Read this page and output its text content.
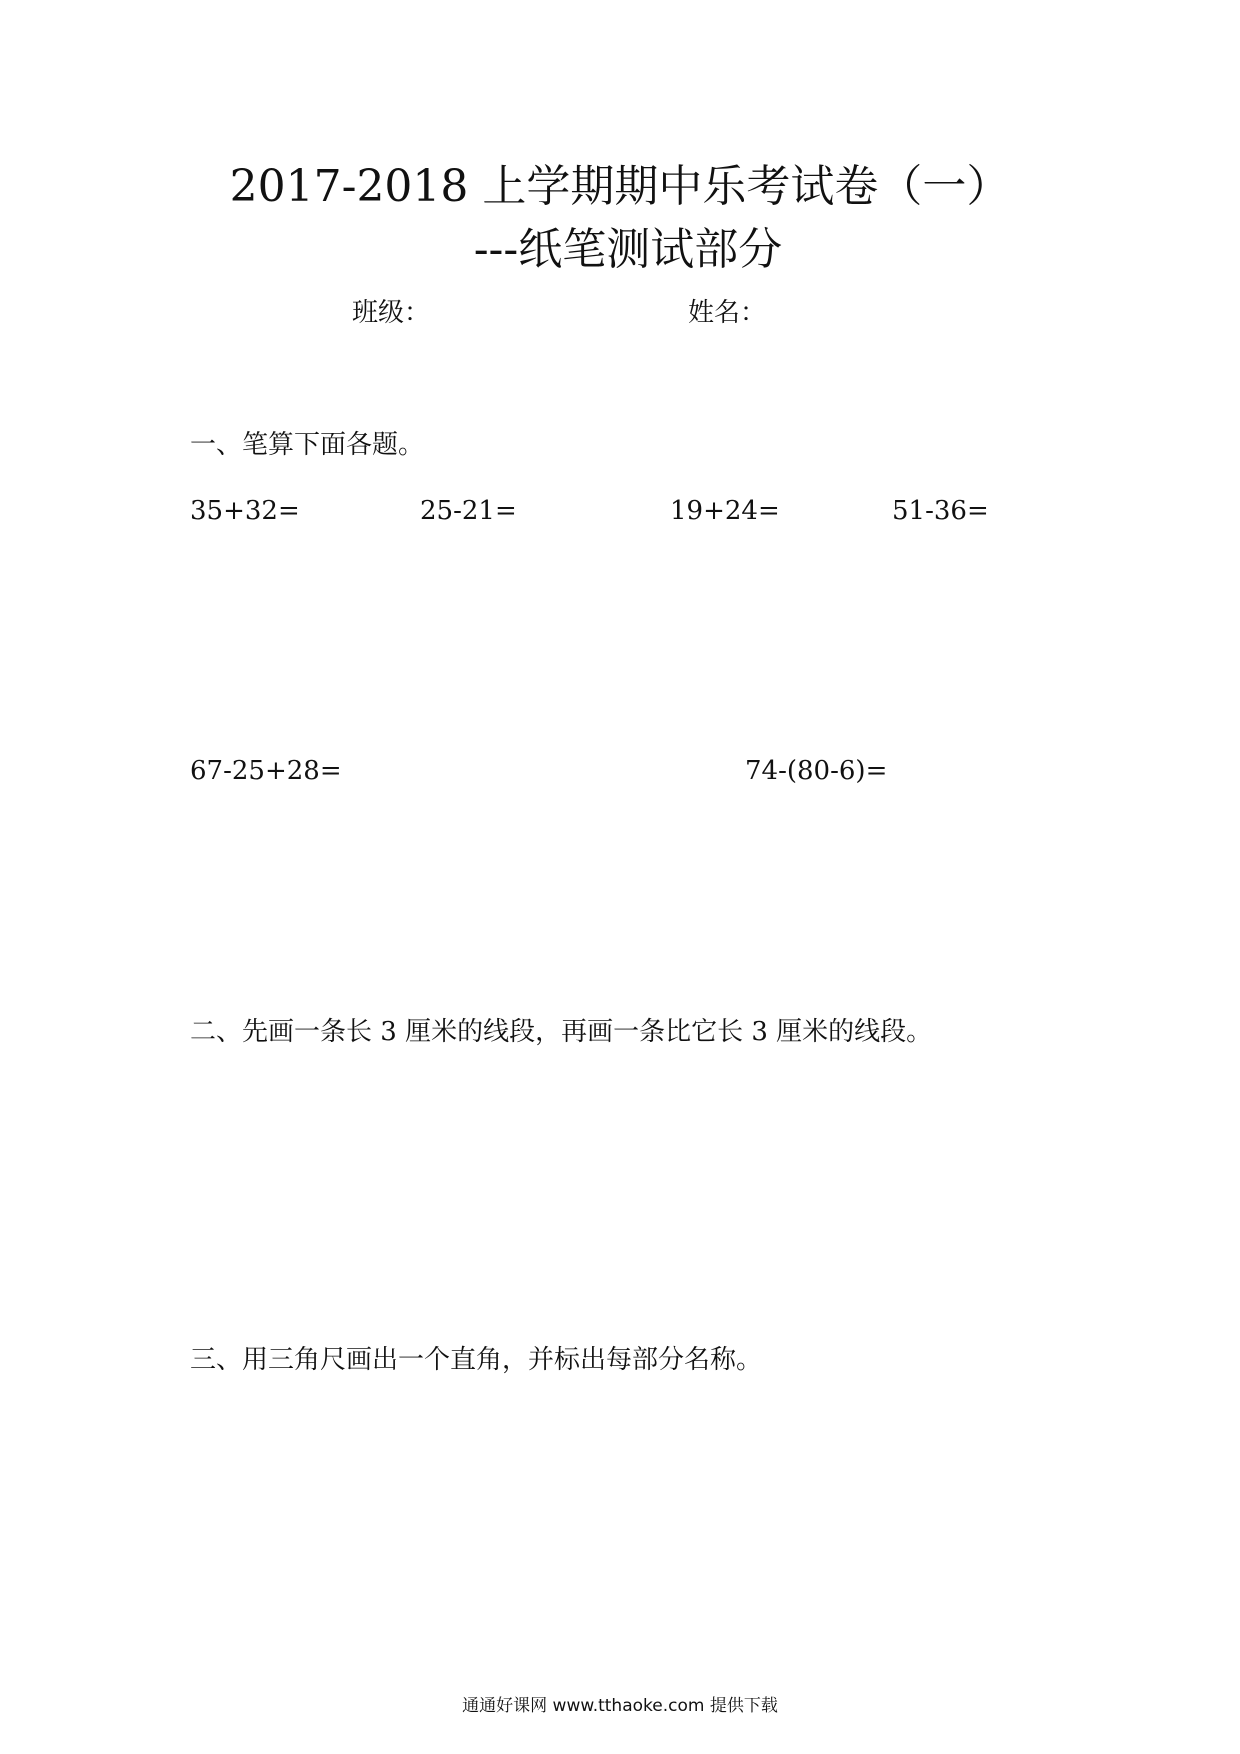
2017-2018 上学期期中乐考试卷（一）
---纸笔测试部分
班级：	姓名：
一、笔算下面各题。
35+32=	25-21=	19+24=	51-36=
67-25+28=	74-(80-6)=
二、先画一条长 3 厘米的线段，再画一条比它长 3 厘米的线段。
三、用三角尺画出一个直角，并标出每部分名称。
通通好课网 www.tthaoke.com 提供下载
